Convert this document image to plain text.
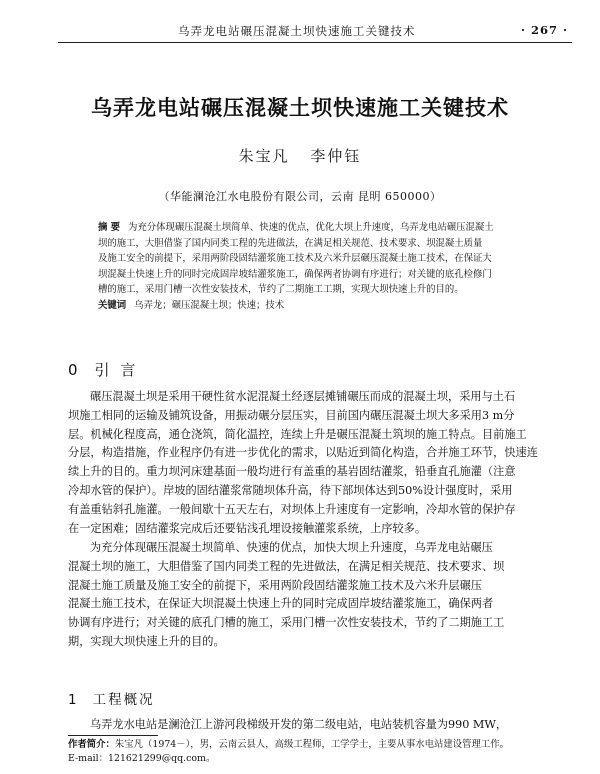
乌弄龙电站碾压混凝土坝快速施工关键技术	· 267 ·
乌弄龙电站碾压混凝土坝快速施工关键技术
朱宝凡 李仲钰
（华能澜沧江水电股份有限公司，云南 昆明 650000）
摘 要 为充分体现碾压混凝土坝简单、快速的优点，优化大坝上升速度，乌弄龙电站碾压混凝土
坝的施工，大胆借鉴了国内同类工程的先进做法，在满足相关规范、技术要求、坝混凝土质量
及施工安全的前提下，采用两阶段固结灌浆施工技术及六米升层碾压混凝土施工技术，在保证大
坝混凝土快速上升的同时完成固岸坡结灌浆施工，确保两者协调有序进行；对关键的底孔检修门
槽的施工，采用门槽一次性安装技术，节约了二期施工工期，实现大坝快速上升的目的。
关键词 乌弄龙；碾压混凝土坝；快速；技术
0 引 言
碾压混凝土坝是采用干硬性贫水泥混凝土经逐层摊铺碾压而成的混凝土坝，采用与土石
坝施工相同的运输及铺筑设备，用振动碾分层压实，目前国内碾压混凝土坝大多采用3 m分
层。机械化程度高，通仓浇筑，简化温控，连续上升是碾压混凝土筑坝的施工特点。目前施工
分层，构造措施，作业程序仍有进一步优化的需求，以贴近到简化构造，合并施工环节，快速连
续上升的目的。重力坝河床建基面一般均进行有盖重的基岩固结灌浆，铅垂直孔施灌（注意
冷却水管的保护）。岸坡的固结灌浆常随坝体升高，待下部坝体达到50%设计强度时，采用
有盖重钻斜孔施灌。一般间歇十五天左右，对坝体上升速度有一定影响，冷却水管的保护存
在一定困难；固结灌浆完成后还要钻浅孔埋设接触灌浆系统，上序较多。
为充分体现碾压混凝土坝简单、快速的优点，加快大坝上升速度，乌弄龙电站碾压
混凝土坝的施工，大胆借鉴了国内同类工程的先进做法，在满足相关规范、技术要求、坝
混凝土施工质量及施工安全的前提下，采用两阶段固结灌浆施工技术及六米升层碾压
混凝土施工技术，在保证大坝混凝土快速上升的同时完成固岸坡结灌浆施工，确保两者
协调有序进行；对关键的底孔门槽的施工，采用门槽一次性安装技术，节约了二期施工工
期，实现大坝快速上升的目的。
1 工程概况
乌弄龙水电站是澜沧江上游河段梯级开发的第二级电站，电站装机容量为990 MW，
作者简介：朱宝凡（1974－），男，云南云县人，高级工程师，工学学士，主要从事水电站建设管理工作。
E-mail：121621299@qq.com。
